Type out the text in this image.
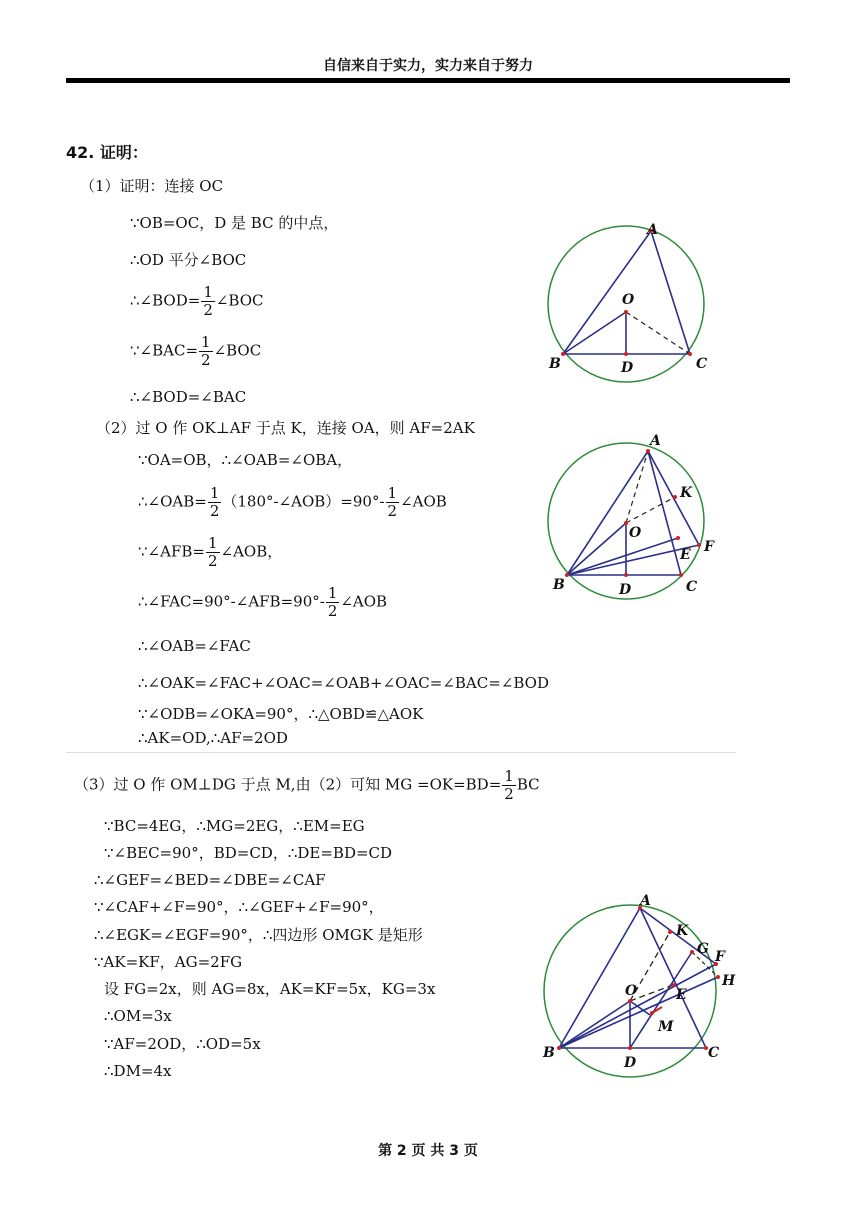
自信来自于实力，实力来自于努力
42. 证明：
（1）证明：连接 OC
∵OB=OC，D 是 BC 的中点，
∴OD 平分∠BOC
∴∠BOD= $\frac{1}{2}$ ∠BOC
∵∠BAC= $\frac{1}{2}$ ∠BOC
∴∠BOD=∠BAC
（2）过 O 作 OK⊥AF 于点 K，连接 OA，则 AF=2AK
∵OA=OB，∴∠OAB=∠OBA，
∴∠OAB= $\frac{1}{2}$ （180°-∠AOB）=90°- $\frac{1}{2}$ ∠AOB
∵∠AFB= $\frac{1}{2}$ ∠AOB，
∴∠FAC=90°-∠AFB=90°- $\frac{1}{2}$ ∠AOB
∴∠OAB=∠FAC
∴∠OAK=∠FAC+∠OAC=∠OAB+∠OAC=∠BAC=∠BOD
∵∠ODB=∠OKA=90°，∴△OBD≌△AOK
∴AK=OD,∴AF=2OD
（3）过 O 作 OM⊥DG 于点 M,由（2）可知 MG $=OK=BD= \frac{1}{2}$ BC
∵BC=4EG，∴MG=2EG，∴EM=EG
∵∠BEC=90°，BD=CD，∴DE=BD=CD
∴∠GEF=∠BED=∠DBE=∠CAF
∵∠CAF+∠F=90°，∴∠GEF+∠F=90°，
∴∠EGK=∠EGF=90°，∴四边形 OMGK 是矩形
∵AK=KF，AG=2FG
设 FG=2x，则 AG=8x，AK=KF=5x，KG=3x
∴OM=3x
∵AF=2OD，∴OD=5x
∴DM=4x
A
O
B	D	C
A
K
O
E F
B	D	C
A
K
G F
H
O	E
M
B
D
C
第 2 页 共 3 页
